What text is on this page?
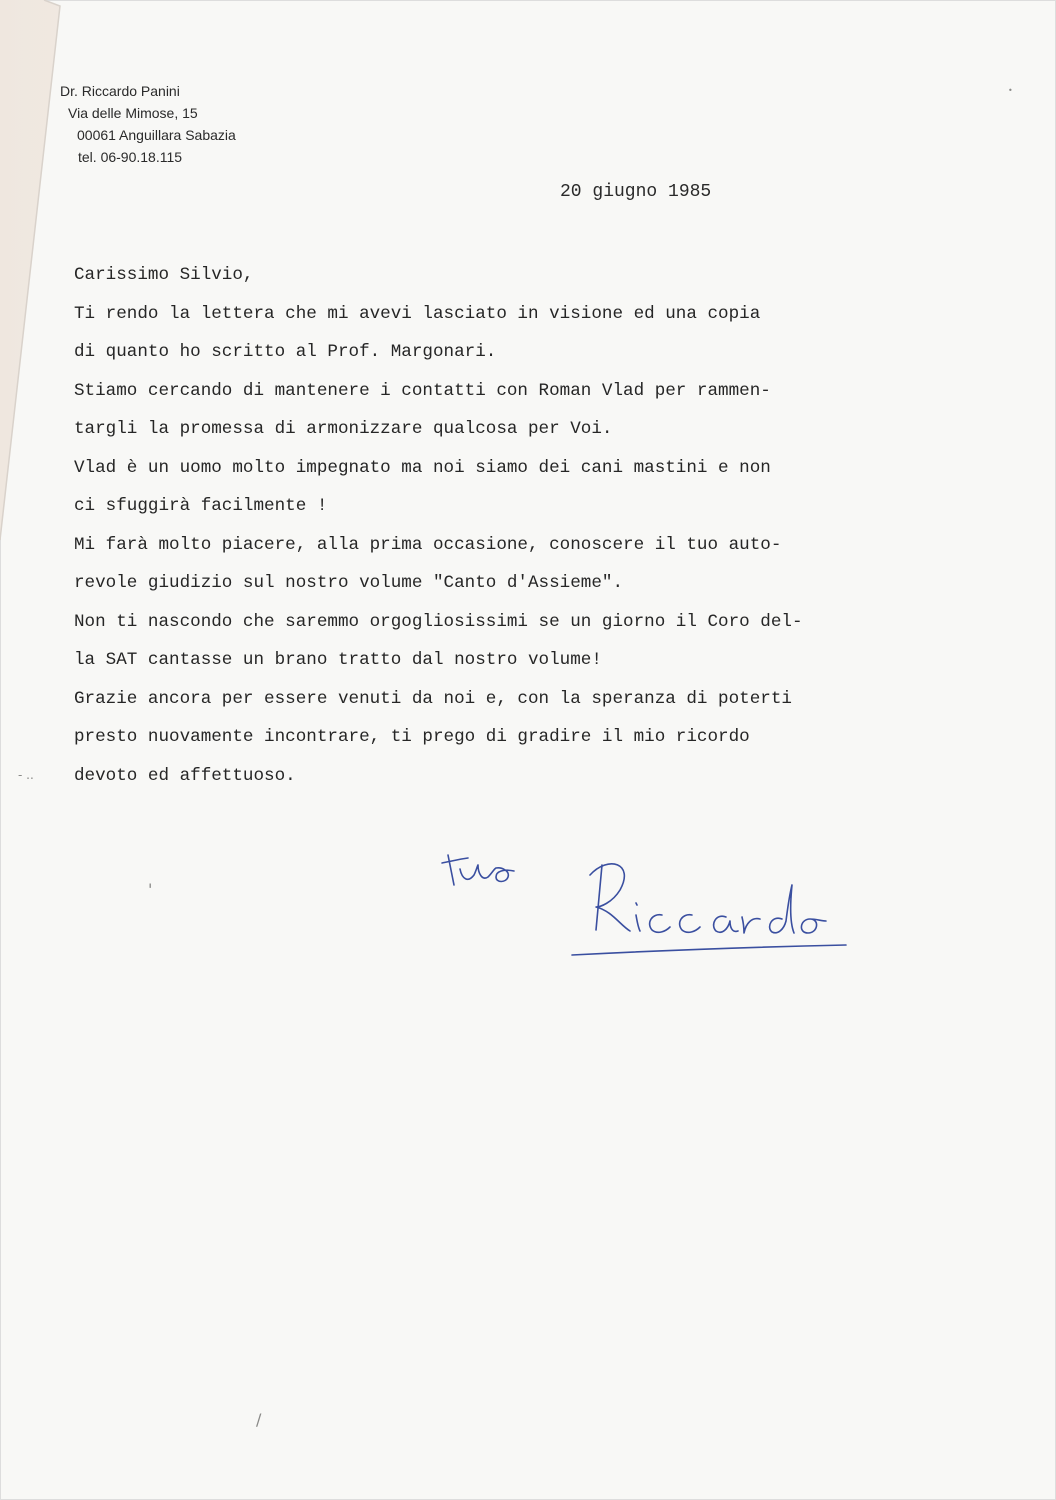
Dr. Riccardo Panini
Via delle Mimose, 15
00061 Anguillara Sabazia
tel. 06-90.18.115
20 giugno 1985
Carissimo Silvio,
Ti rendo la lettera che mi avevi lasciato in visione ed una copia
di quanto ho scritto al Prof. Margonari.
Stiamo cercando di mantenere i contatti con Roman Vlad per rammen-
targli la promessa di armonizzare qualcosa per Voi.
Vlad è un uomo molto impegnato ma noi siamo dei cani mastini e non
ci sfuggirà facilmente !
Mi farà molto piacere, alla prima occasione, conoscere il tuo auto-
revole giudizio sul nostro volume "Canto d'Assieme".
Non ti nascondo che saremmo orgogliosissimi se un giorno il Coro del-
la SAT cantasse un brano tratto dal nostro volume!
Grazie ancora per essere venuti da noi e, con la speranza di poterti
presto nuovamente incontrare, ti prego di gradire il mio ricordo
devoto ed affettuoso.
- ..
'
/
•
